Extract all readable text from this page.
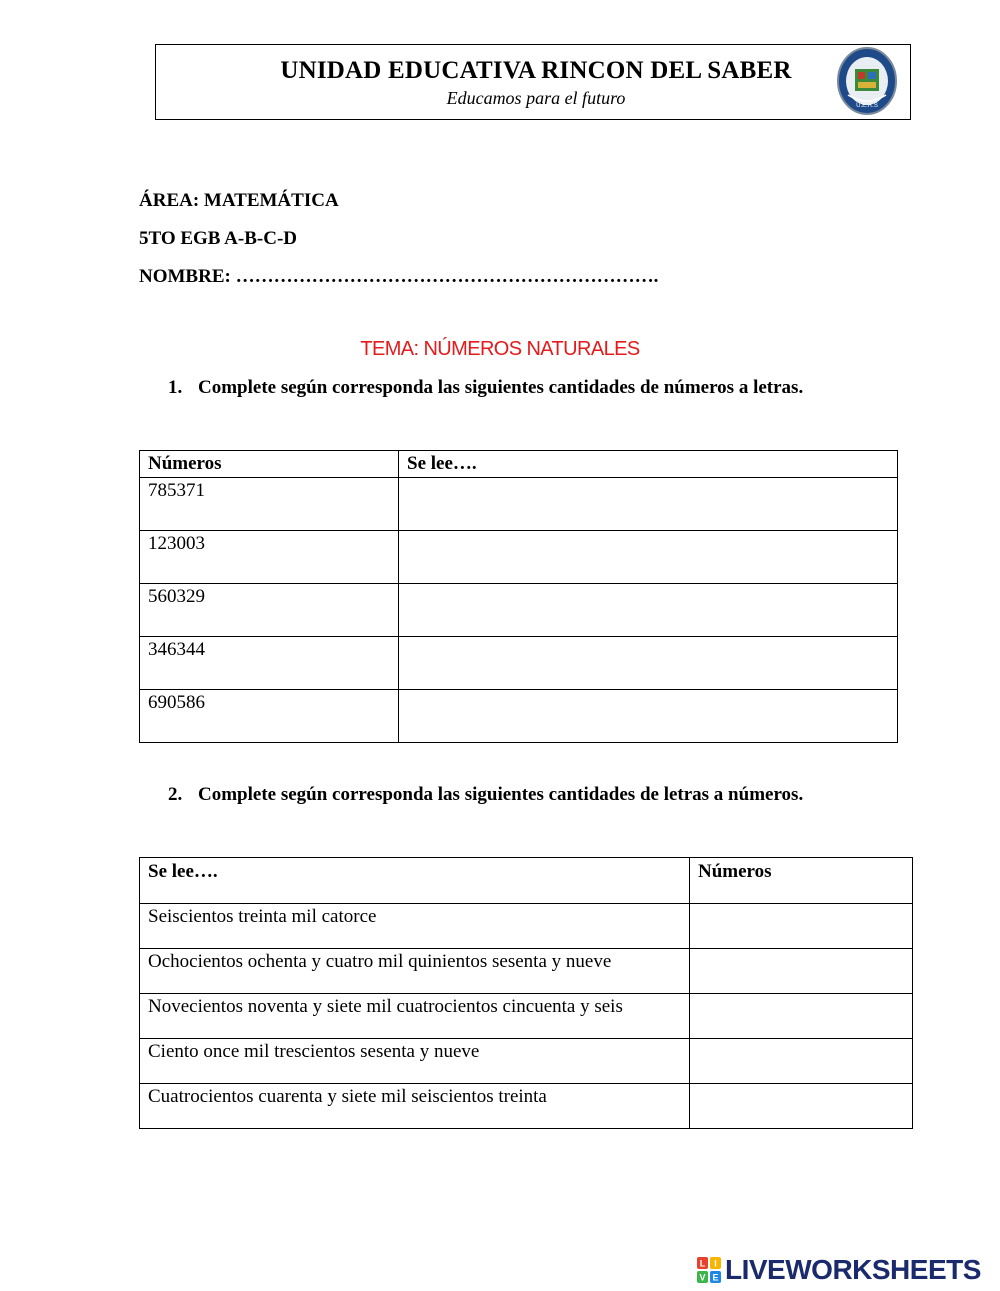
UNIDAD EDUCATIVA RINCON DEL SABER
Educamos para el futuro	U.E.R.S
ÁREA: MATEMÁTICA
5TO EGB A-B-C-D
NOMBRE: ………………………………………………………….
TEMA: NÚMEROS NATURALES
1. Complete según corresponda las siguientes cantidades de números a letras.
Números	Se lee….
785371	
123003	
560329	
346344	
690586	
2. Complete según corresponda las siguientes cantidades de letras a números.
Se lee….	Números
Seiscientos treinta mil catorce	
Ochocientos ochenta y cuatro mil quinientos sesenta y nueve	
Novecientos noventa y siete mil cuatrocientos cincuenta y seis	
Ciento once mil trescientos sesenta y nueve	
Cuatrocientos cuarenta y siete mil seiscientos treinta	
L I
V E LIVEWORKSHEETS
